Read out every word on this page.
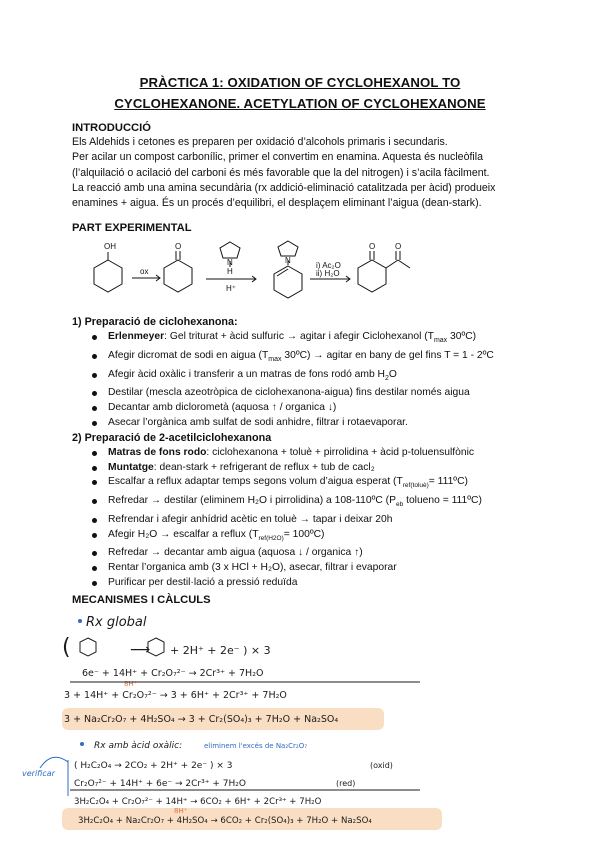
PRÀCTICA 1: OXIDATION OF CYCLOHEXANOL TO
CYCLOHEXANONE. ACETYLATION OF CYCLOHEXANONE
INTRODUCCIÓ
Els Aldehids i cetones es preparen per oxidació d’alcohols primaris i secundaris.
Per acilar un compost carbonílic, primer el convertim en enamina. Aquesta és nucleòfila
(l’alquilació o acilació del carboni és més favorable que la del nitrogen) i s’acila fàcilment.
La reacció amb una amina secundària (rx addició-eliminació catalitzada per àcid) produeix
enamines + aigua. És un procés d’equilibri, el desplaçem eliminant l’aigua (dean-stark).
PART EXPERIMENTAL
OH
ox
O
N
H
H⁺
N
i) Ac₂O
ii) H₂O
O O
1) Preparació de ciclohexanona:
Erlenmeyer: Gel triturat + àcid sulfuric → agitar i afegir Ciclohexanol ($T_{max}$ 30ºC)
Afegir dicromat de sodi en aigua ($T_{max}$ 30ºC) → agitar en bany de gel fins T = 1 - 2ºC
Afegir àcid oxàlic i transferir a un matras de fons rodó amb $H_2O$
Destilar (mescla azeotròpica de ciclohexanona-aigua) fins destilar només aigua
Decantar amb diclorometà (aquosa ↑ / organica ↓)
Asecar l’orgànica amb sulfat de sodi anhidre, filtrar i rotaevaporar.
2) Preparació de 2-acetilciclohexanona
Matras de fons rodo: ciclohexanona + toluè + pirrolidina + àcid p-toluensulfònic
Muntatge: dean-stark + refrigerant de reflux + tub de cacl₂
Escalfar a reflux adaptar temps segons volum d’aigua esperat ($T_{ref(toluè)}=$ 111ºC)
Refredar → destilar (eliminem H₂O i pirrolidina) a 108-110ºC ($P_{eb}$ tolueno = 111ºC)
Refrendar i afegir anhídrid acètic en toluè → tapar i deixar 20h
Afegir H₂O → escalfar a reflux ($T_{ref(H2O)}=$ 100ºC)
Refredar → decantar amb aigua (aquosa ↓ / organica ↑)
Rentar l’organica amb (3 x HCl + H₂O), asecar, filtrar i evaporar
Purificar per destil·lació a pressió reduïda
MECANISMES I CÀLCULS
Rx global
(	⟶ + 2H⁺ + 2e⁻ ) × 3
6e⁻ + 14H⁺ + Cr₂O₇²⁻ → 2Cr³⁺ + 7H₂O
3 + 14H⁺ + Cr₂O₇²⁻ → 3 + 6H⁺ + 2Cr³⁺ + 7H₂O
8H⁺
3 + Na₂Cr₂O₇ + 4H₂SO₄ → 3 + Cr₂(SO₄)₃ + 7H₂O + Na₂SO₄
Rx amb àcid oxàlic:	eliminem l'excés de Na₂Cr₂O₇
( H₂C₂O₄ → 2CO₂ + 2H⁺ + 2e⁻ ) × 3	(oxid)
Cr₂O₇²⁻ + 14H⁺ + 6e⁻ → 2Cr³⁺ + 7H₂O	(red)
3H₂C₂O₄ + Cr₂O₇²⁻ + 14H⁺ → 6CO₂ + 6H⁺ + 2Cr³⁺ + 7H₂O
8H⁺
3H₂C₂O₄ + Na₂Cr₂O₇ + 4H₂SO₄ → 6CO₂ + Cr₂(SO₄)₃ + 7H₂O + Na₂SO₄
verificar
